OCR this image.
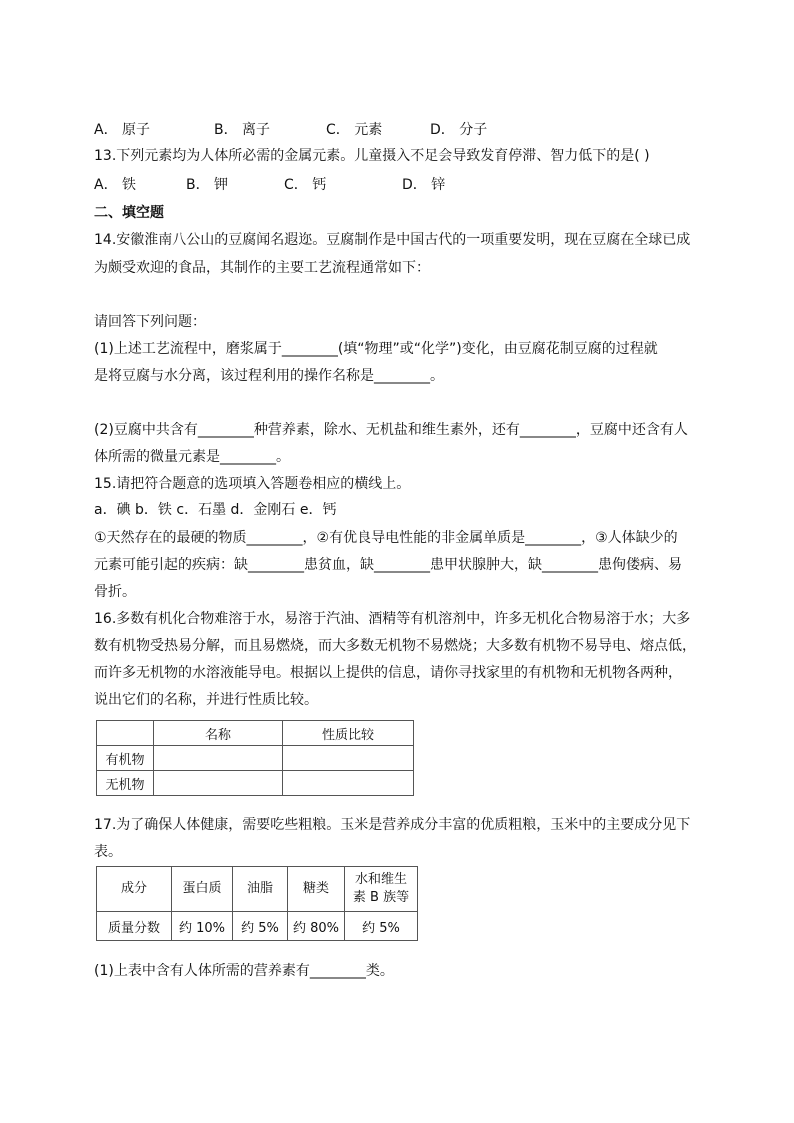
A． 原子	B． 离子	C． 元素	D． 分子
13.下列元素均为人体所必需的金属元素。儿童摄入不足会导致发育停滞、智力低下的是( )
A． 铁	B． 钾	C． 钙	D． 锌
二、填空题
14.安徽淮南八公山的豆腐闻名遐迩。豆腐制作是中国古代的一项重要发明，现在豆腐在全球已成
为颇受欢迎的食品，其制作的主要工艺流程通常如下：
请回答下列问题：
(1)上述工艺流程中，磨浆属于________(填“物理”或“化学”)变化，由豆腐花制豆腐的过程就
是将豆腐与水分离，该过程利用的操作名称是________。
(2)豆腐中共含有________种营养素，除水、无机盐和维生素外，还有________，豆腐中还含有人
体所需的微量元素是________。
15.请把符合题意的选项填入答题卷相应的横线上。
a．碘 b．铁 c．石墨 d．金刚石 e．钙
①天然存在的最硬的物质________，②有优良导电性能的非金属单质是________，③人体缺少的
元素可能引起的疾病：缺________患贫血，缺________患甲状腺肿大，缺________患佝偻病、易
骨折。
16.多数有机化合物难溶于水，易溶于汽油、酒精等有机溶剂中，许多无机化合物易溶于水；大多
数有机物受热易分解，而且易燃烧，而大多数无机物不易燃烧；大多数有机物不易导电、熔点低，
而许多无机物的水溶液能导电。根据以上提供的信息，请你寻找家里的有机物和无机物各两种，
说出它们的名称，并进行性质比较。
	名称	性质比较
有机物		
无机物		
17.为了确保人体健康，需要吃些粗粮。玉米是营养成分丰富的优质粗粮，玉米中的主要成分见下
表。
成分	蛋白质	油脂	糖类	水和维生
素 B 族等

质量分数	约 10%	约 5%	约 80%	约 5%
(1)上表中含有人体所需的营养素有________类。
